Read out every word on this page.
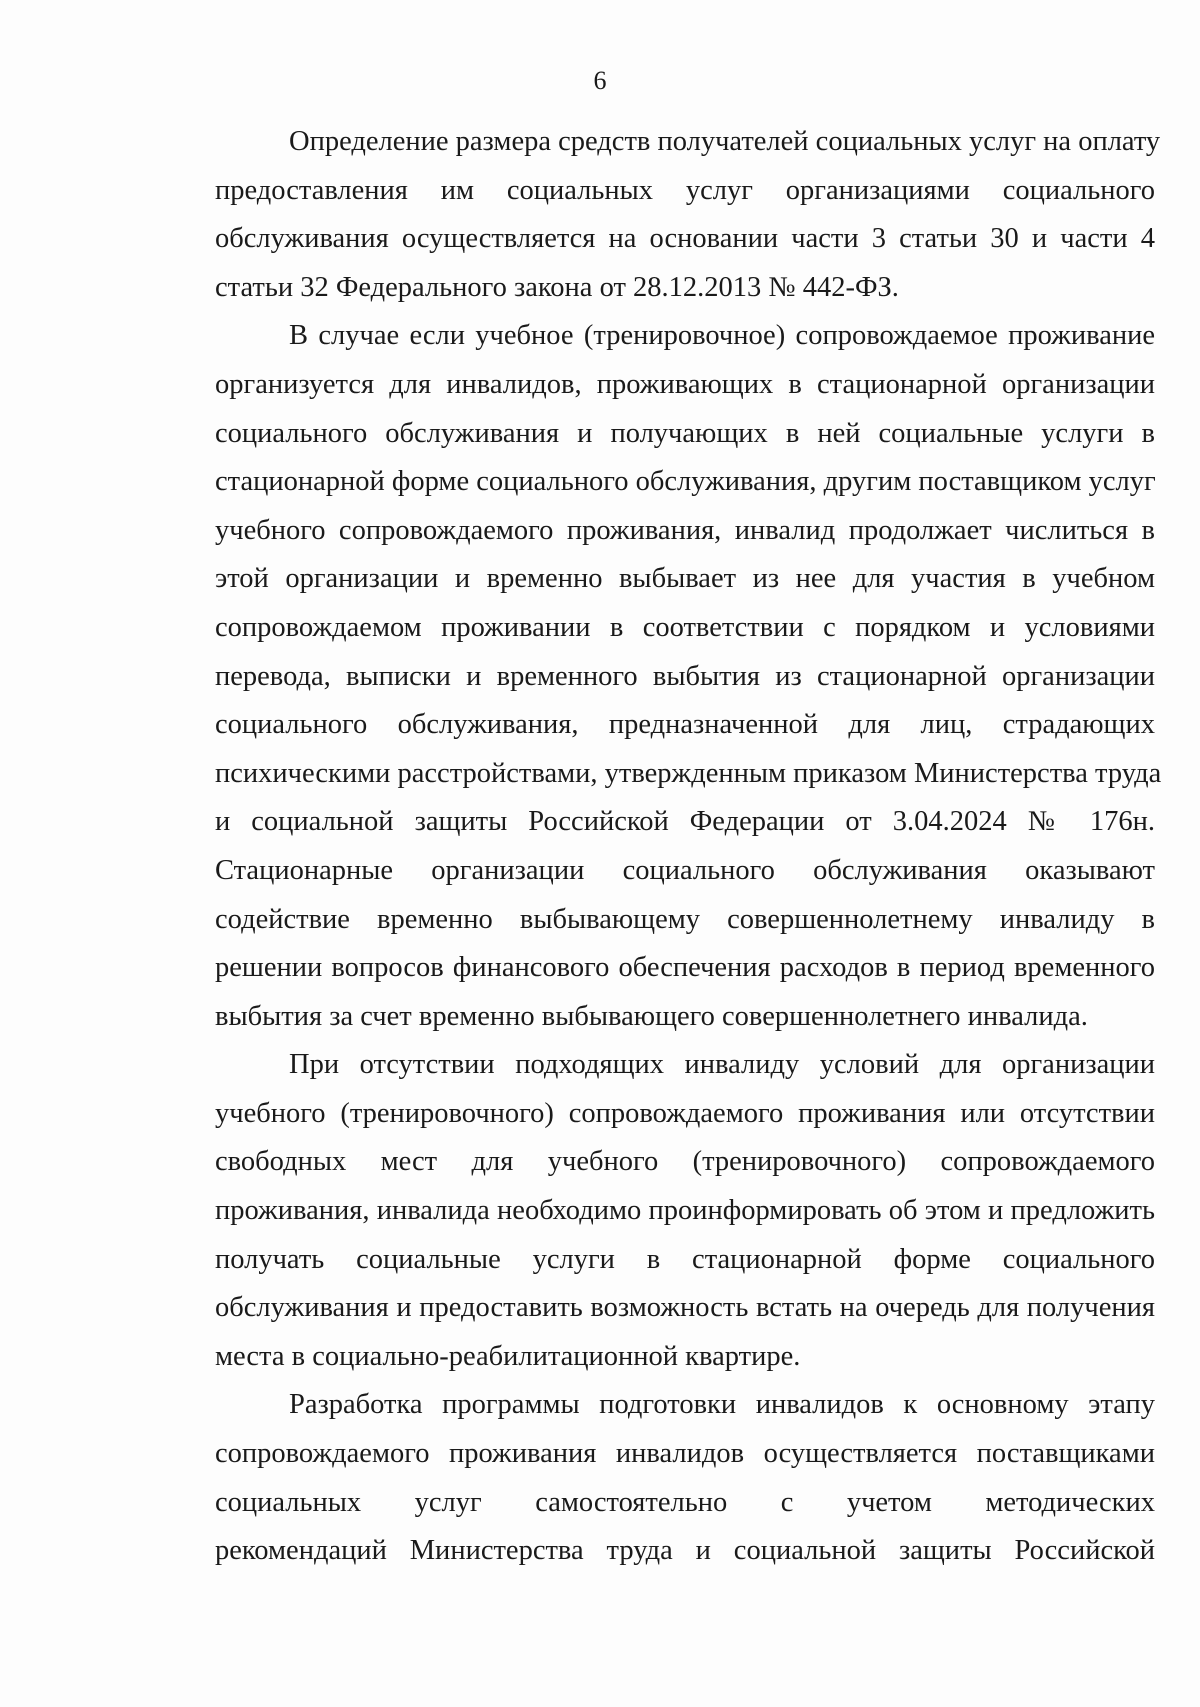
6
Определение размера средств получателей социальных услуг на оплату
предоставления им социальных услуг организациями социального
обслуживания осуществляется на основании части 3 статьи 30 и части 4
статьи 32 Федерального закона от 28.12.2013 № 442-ФЗ.
В случае если учебное (тренировочное) сопровождаемое проживание
организуется для инвалидов, проживающих в стационарной организации
социального обслуживания и получающих в ней социальные услуги в
стационарной форме социального обслуживания, другим поставщиком услуг
учебного сопровождаемого проживания, инвалид продолжает числиться в
этой организации и временно выбывает из нее для участия в учебном
сопровождаемом проживании в соответствии с порядком и условиями
перевода, выписки и временного выбытия из стационарной организации
социального обслуживания, предназначенной для лиц, страдающих
психическими расстройствами, утвержденным приказом Министерства труда
и социальной защиты Российской Федерации от 3.04.2024 № 176н.
Стационарные организации социального обслуживания оказывают
содействие временно выбывающему совершеннолетнему инвалиду в
решении вопросов финансового обеспечения расходов в период временного
выбытия за счет временно выбывающего совершеннолетнего инвалида.
При отсутствии подходящих инвалиду условий для организации
учебного (тренировочного) сопровождаемого проживания или отсутствии
свободных мест для учебного (тренировочного) сопровождаемого
проживания, инвалида необходимо проинформировать об этом и предложить
получать социальные услуги в стационарной форме социального
обслуживания и предоставить возможность встать на очередь для получения
места в социально-реабилитационной квартире.
Разработка программы подготовки инвалидов к основному этапу
сопровождаемого проживания инвалидов осуществляется поставщиками
социальных услуг самостоятельно с учетом методических
рекомендаций Министерства труда и социальной защиты Российской
